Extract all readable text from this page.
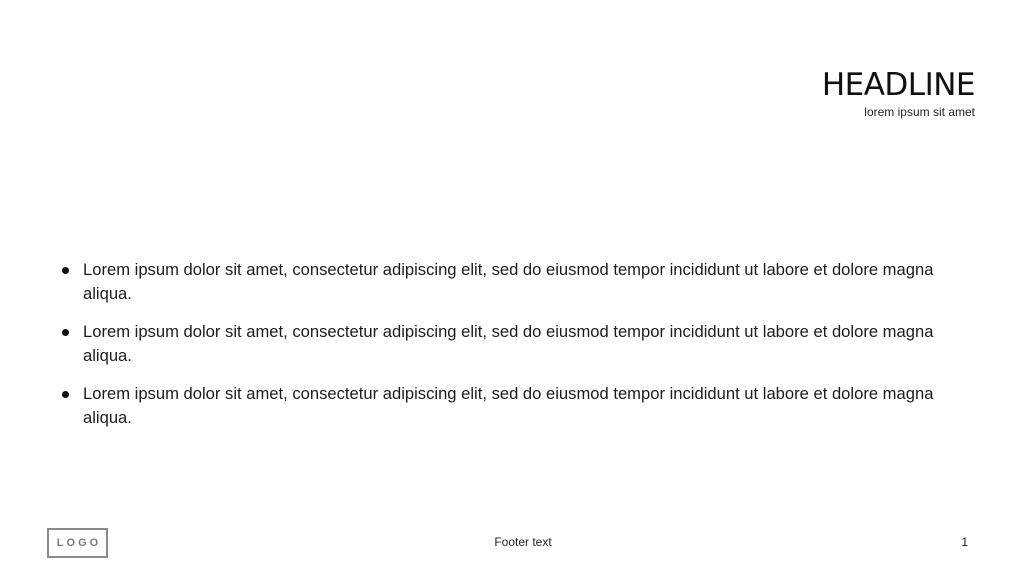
HEADLINE
lorem ipsum sit amet
Lorem ipsum dolor sit amet, consectetur adipiscing elit, sed do eiusmod tempor incididunt ut labore et dolore magna aliqua.
Lorem ipsum dolor sit amet, consectetur adipiscing elit, sed do eiusmod tempor incididunt ut labore et dolore magna aliqua.
Lorem ipsum dolor sit amet, consectetur adipiscing elit, sed do eiusmod tempor incididunt ut labore et dolore magna aliqua.
LOGO	Footer text	1
